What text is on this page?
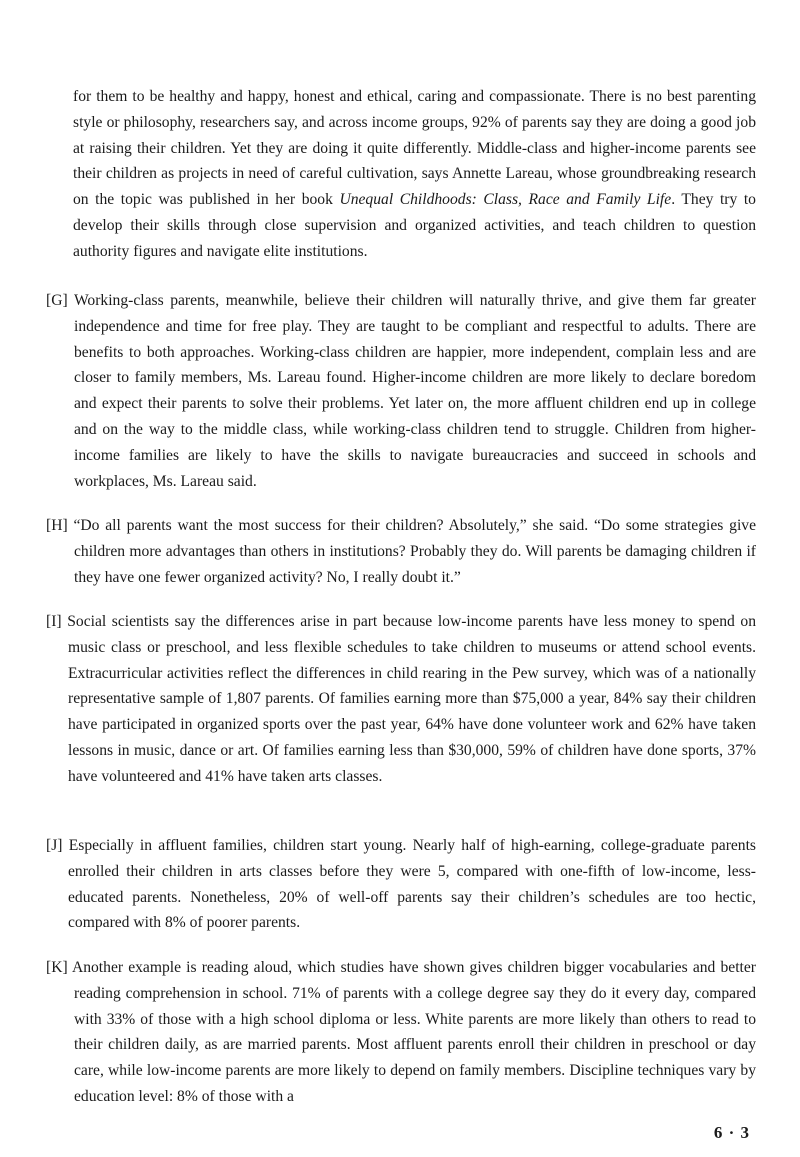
for them to be healthy and happy, honest and ethical, caring and compassionate. There is no best parenting style or philosophy, researchers say, and across income groups, 92% of parents say they are doing a good job at raising their children. Yet they are doing it quite differently. Middle-class and higher-income parents see their children as projects in need of careful cultivation, says Annette Lareau, whose groundbreaking research on the topic was published in her book Unequal Childhoods: Class, Race and Family Life. They try to develop their skills through close supervision and organized activities, and teach children to question authority figures and navigate elite institutions.

[G] Working-class parents, meanwhile, believe their children will naturally thrive, and give them far greater independence and time for free play. They are taught to be compliant and respectful to adults. There are benefits to both approaches. Working-class children are happier, more independent, complain less and are closer to family members, Ms. Lareau found. Higher-income children are more likely to declare boredom and expect their parents to solve their problems. Yet later on, the more affluent children end up in college and on the way to the middle class, while working-class children tend to struggle. Children from higher-income families are likely to have the skills to navigate bureaucracies and succeed in schools and workplaces, Ms. Lareau said.

[H] “Do all parents want the most success for their children? Absolutely,” she said. “Do some strategies give children more advantages than others in institutions? Probably they do. Will parents be damaging children if they have one fewer organized activity? No, I really doubt it.”

[I] Social scientists say the differences arise in part because low-income parents have less money to spend on music class or preschool, and less flexible schedules to take children to museums or attend school events. Extracurricular activities reflect the differences in child rearing in the Pew survey, which was of a nationally representative sample of 1,807 parents. Of families earning more than $75,000 a year, 84% say their children have participated in organized sports over the past year, 64% have done volunteer work and 62% have taken lessons in music, dance or art. Of families earning less than $30,000, 59% of children have done sports, 37% have volunteered and 41% have taken arts classes.

[J] Especially in affluent families, children start young. Nearly half of high-earning, college-graduate parents enrolled their children in arts classes before they were 5, compared with one-fifth of low-income, less-educated parents. Nonetheless, 20% of well-off parents say their children’s schedules are too hectic, compared with 8% of poorer parents.

[K] Another example is reading aloud, which studies have shown gives children bigger vocabularies and better reading comprehension in school. 71% of parents with a college degree say they do it every day, compared with 33% of those with a high school diploma or less. White parents are more likely than others to read to their children daily, as are married parents. Most affluent parents enroll their children in preschool or day care, while low-income parents are more likely to depend on family members. Discipline techniques vary by education level: 8% of those with a

6 · 3
